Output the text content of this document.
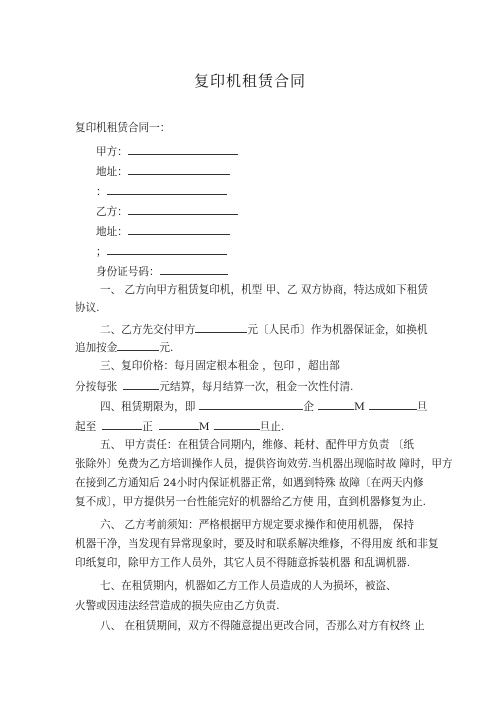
复印机租赁合同
复印机租赁合同一：
甲方：
地址：
：
乙方：
地址：
；
身份证号码：
一、 乙方向甲方租赁复印机，机型 甲、乙 双方协商，特达成如下租赁
协议.
二、乙方先交付甲方	元〔人民币〕作为机器保证金，如换机
追加按金	元.
三、复印价格：每月固定根本租金 ，包印 ，超出部
分按每张	元结算，每月结算一次，租金一次性付清.
四、租赁期限为，即	企	M	旦
起至	正	M	旦止.
五、 甲方责任：在租赁合同期内，维修、耗材、配件甲方负责 〔纸
张除外〕免费为乙方培训操作人员，提供咨询效劳.当机器出现临时故 障时，甲方
在接到乙方通知后 24小时内保证机器正常，如遇到特殊 故障〔在两天内修
复不成〕，甲方提供另一台性能完好的机器给乙方使 用，直到机器修复为止.
六、 乙方考前须知：严格根据甲方规定要求操作和使用机器， 保持
机器干净，当发现有异常现象时，要及时和联系解决维修，不得用废 纸和非复
印纸复印，除甲方工作人员外，其它人员不得随意拆装机器 和乱调机器.
七、在租赁期内，机器如乙方工作人员造成的人为损坏，被盗、
火警或因违法经营造成的损失应由乙方负责.
八、 在租赁期间，双方不得随意提出更改合同，否那么对方有权终 止
